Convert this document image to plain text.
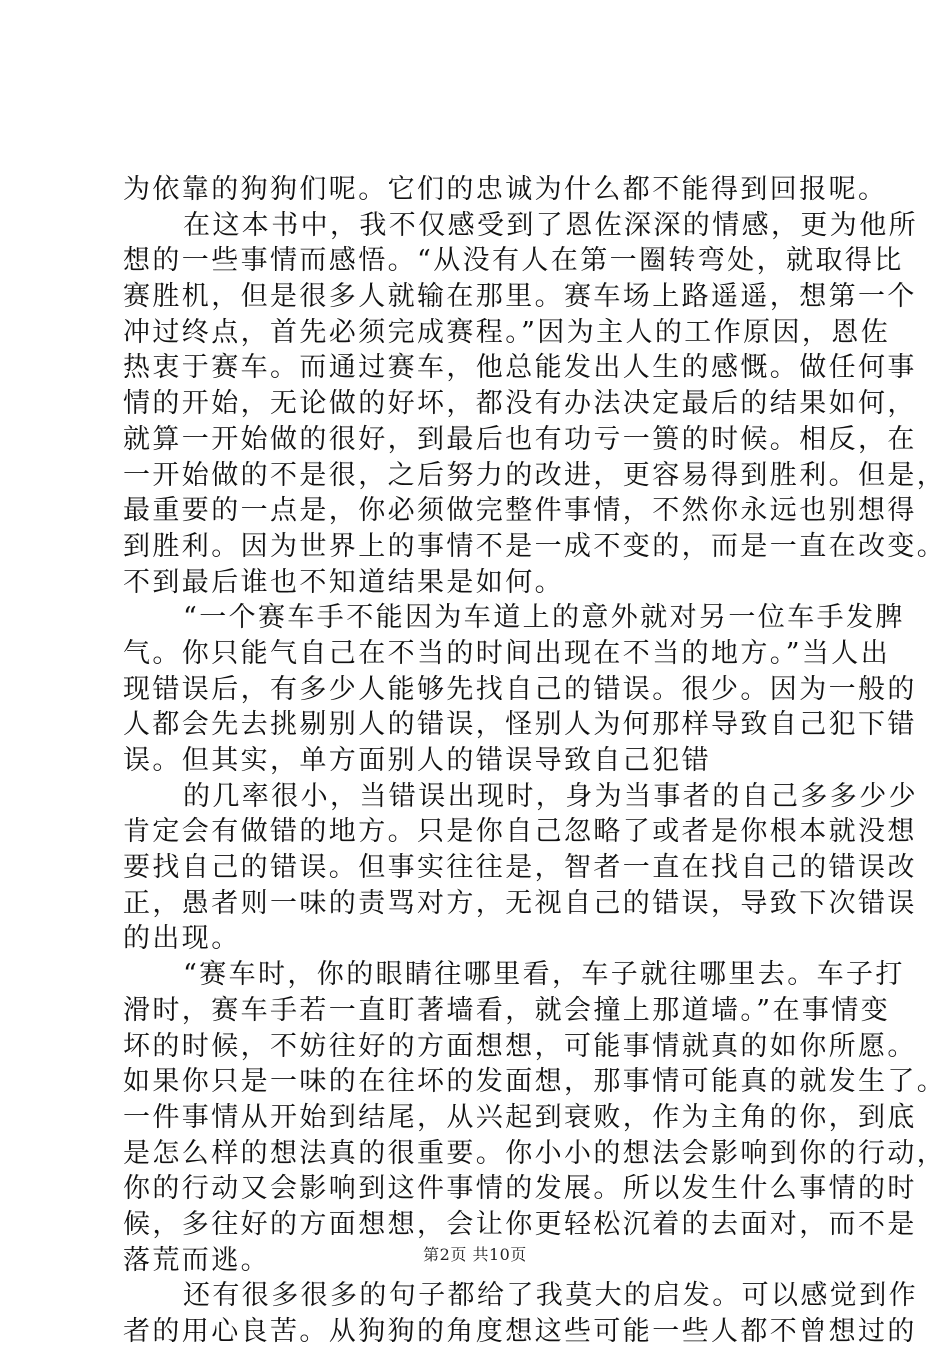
为依靠的狗狗们呢。它们的忠诚为什么都不能得到回报呢。
在这本书中，我不仅感受到了恩佐深深的情感，更为他所
想的一些事情而感悟。“从没有人在第一圈转弯处，就取得比
赛胜机，但是很多人就输在那里。赛车场上路遥遥，想第一个
冲过终点，首先必须完成赛程。”因为主人的工作原因，恩佐
热衷于赛车。而通过赛车，他总能发出人生的感慨。做任何事
情的开始，无论做的好坏，都没有办法决定最后的结果如何，
就算一开始做的很好，到最后也有功亏一篑的时候。相反，在
一开始做的不是很，之后努力的改进，更容易得到胜利。但是，
最重要的一点是，你必须做完整件事情，不然你永远也别想得
到胜利。因为世界上的事情不是一成不变的，而是一直在改变。
不到最后谁也不知道结果是如何。
“一个赛车手不能因为车道上的意外就对另一位车手发脾
气。你只能气自己在不当的时间出现在不当的地方。”当人出
现错误后，有多少人能够先找自己的错误。很少。因为一般的
人都会先去挑剔别人的错误，怪别人为何那样导致自己犯下错
误。但其实，单方面别人的错误导致自己犯错
的几率很小，当错误出现时，身为当事者的自己多多少少
肯定会有做错的地方。只是你自己忽略了或者是你根本就没想
要找自己的错误。但事实往往是，智者一直在找自己的错误改
正，愚者则一味的责骂对方，无视自己的错误，导致下次错误
的出现。
“赛车时，你的眼睛往哪里看，车子就往哪里去。车子打
滑时，赛车手若一直盯著墙看，就会撞上那道墙。”在事情变
坏的时候，不妨往好的方面想想，可能事情就真的如你所愿。
如果你只是一味的在往坏的发面想，那事情可能真的就发生了。
一件事情从开始到结尾，从兴起到衰败，作为主角的你，到底
是怎么样的想法真的很重要。你小小的想法会影响到你的行动，
你的行动又会影响到这件事情的发展。所以发生什么事情的时
候，多往好的方面想想，会让你更轻松沉着的去面对，而不是
落荒而逃。
还有很多很多的句子都给了我莫大的启发。可以感觉到作
者的用心良苦。从狗狗的角度想这些可能一些人都不曾想过的
第2页 共10页
